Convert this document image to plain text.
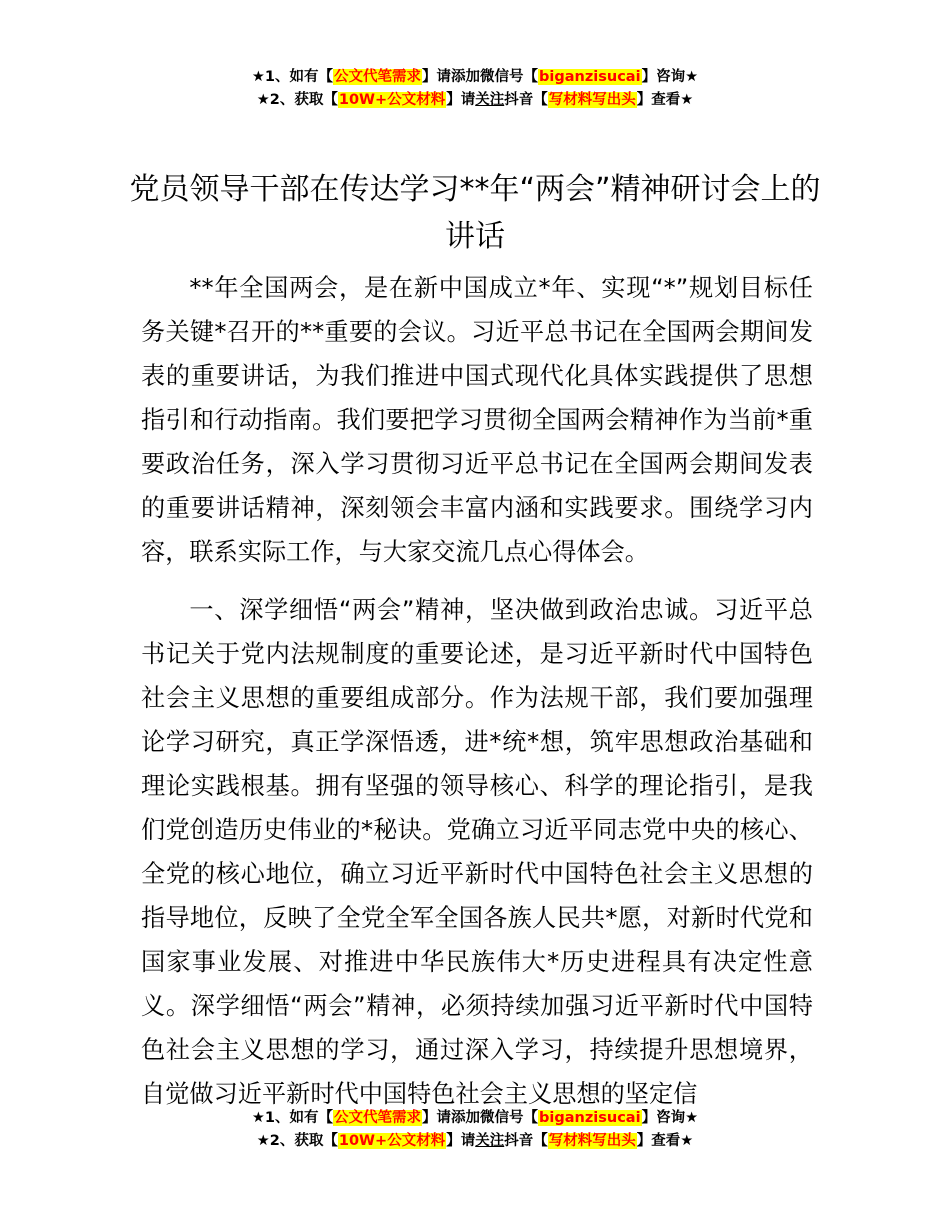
★1、如有【公文代笔需求】请添加微信号【biganzisucai】咨询★
★2、获取【10W+公文材料】请关注抖音【写材料写出头】查看★
党员领导干部在传达学习**年“两会”精神研讨会上的讲话

**年全国两会，是在新中国成立*年、实现“*”规划目标任务关键*召开的**重要的会议。习近平总书记在全国两会期间发表的重要讲话，为我们推进中国式现代化具体实践提供了思想指引和行动指南。我们要把学习贯彻全国两会精神作为当前*重要政治任务，深入学习贯彻习近平总书记在全国两会期间发表的重要讲话精神，深刻领会丰富内涵和实践要求。围绕学习内容，联系实际工作，与大家交流几点心得体会。

一、深学细悟“两会”精神，坚决做到政治忠诚。习近平总书记关于党内法规制度的重要论述，是习近平新时代中国特色社会主义思想的重要组成部分。作为法规干部，我们要加强理论学习研究，真正学深悟透，进*统*想，筑牢思想政治基础和理论实践根基。拥有坚强的领导核心、科学的理论指引，是我们党创造历史伟业的*秘诀。党确立习近平同志党中央的核心、全党的核心地位，确立习近平新时代中国特色社会主义思想的指导地位，反映了全党全军全国各族人民共*愿，对新时代党和国家事业发展、对推进中华民族伟大*历史进程具有决定性意义。深学细悟“两会”精神，必须持续加强习近平新时代中国特色社会主义思想的学习，通过深入学习，持续提升思想境界，自觉做习近平新时代中国特色社会主义思想的坚定信

★1、如有【公文代笔需求】请添加微信号【biganzisucai】咨询★
★2、获取【10W+公文材料】请关注抖音【写材料写出头】查看★
